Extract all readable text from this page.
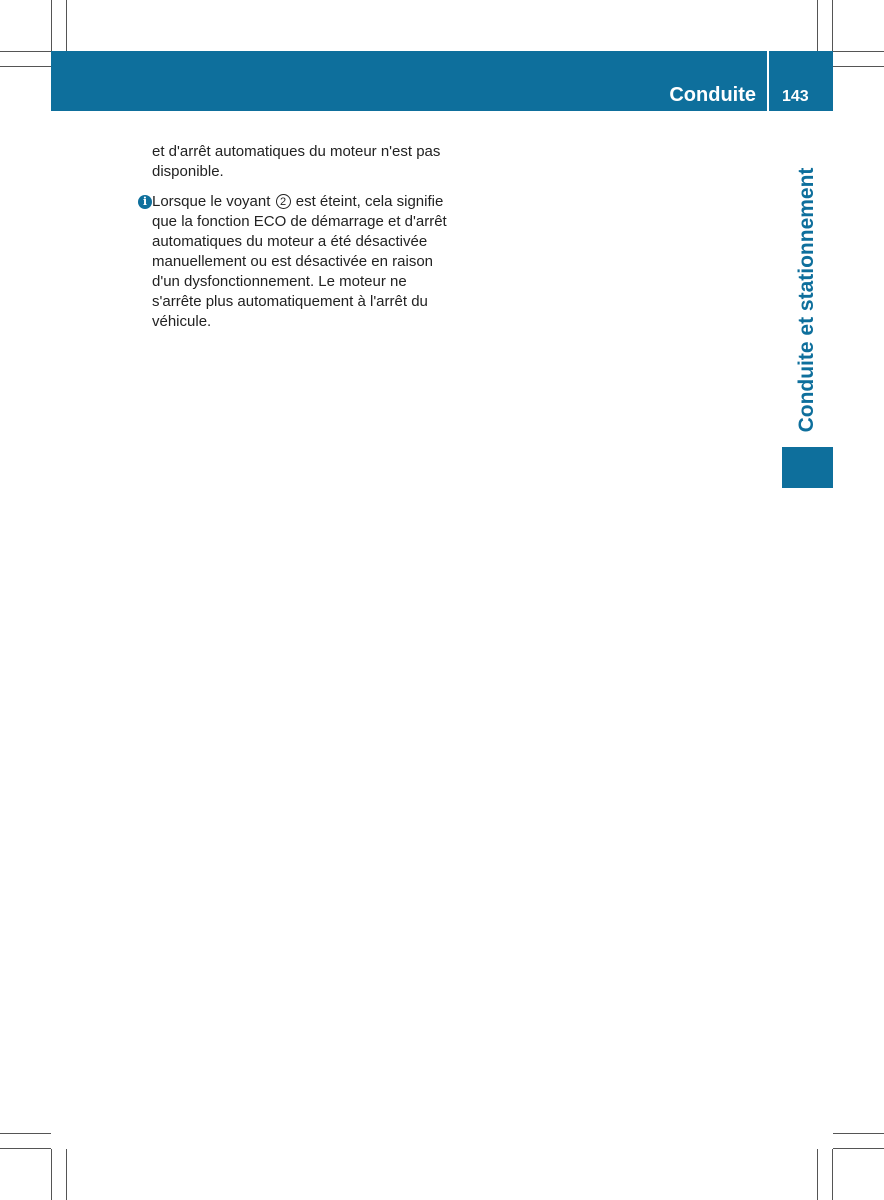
Conduite 143
Conduite et stationnement

et d'arrêt automatiques du moteur n'est pas disponible.

i Lorsque le voyant 2 est éteint, cela signifie que la fonction ECO de démarrage et d'arrêt automatiques du moteur a été désactivée manuellement ou est désactivée en raison d'un dysfonctionnement. Le moteur ne s'arrête plus automatiquement à l'arrêt du véhicule.
